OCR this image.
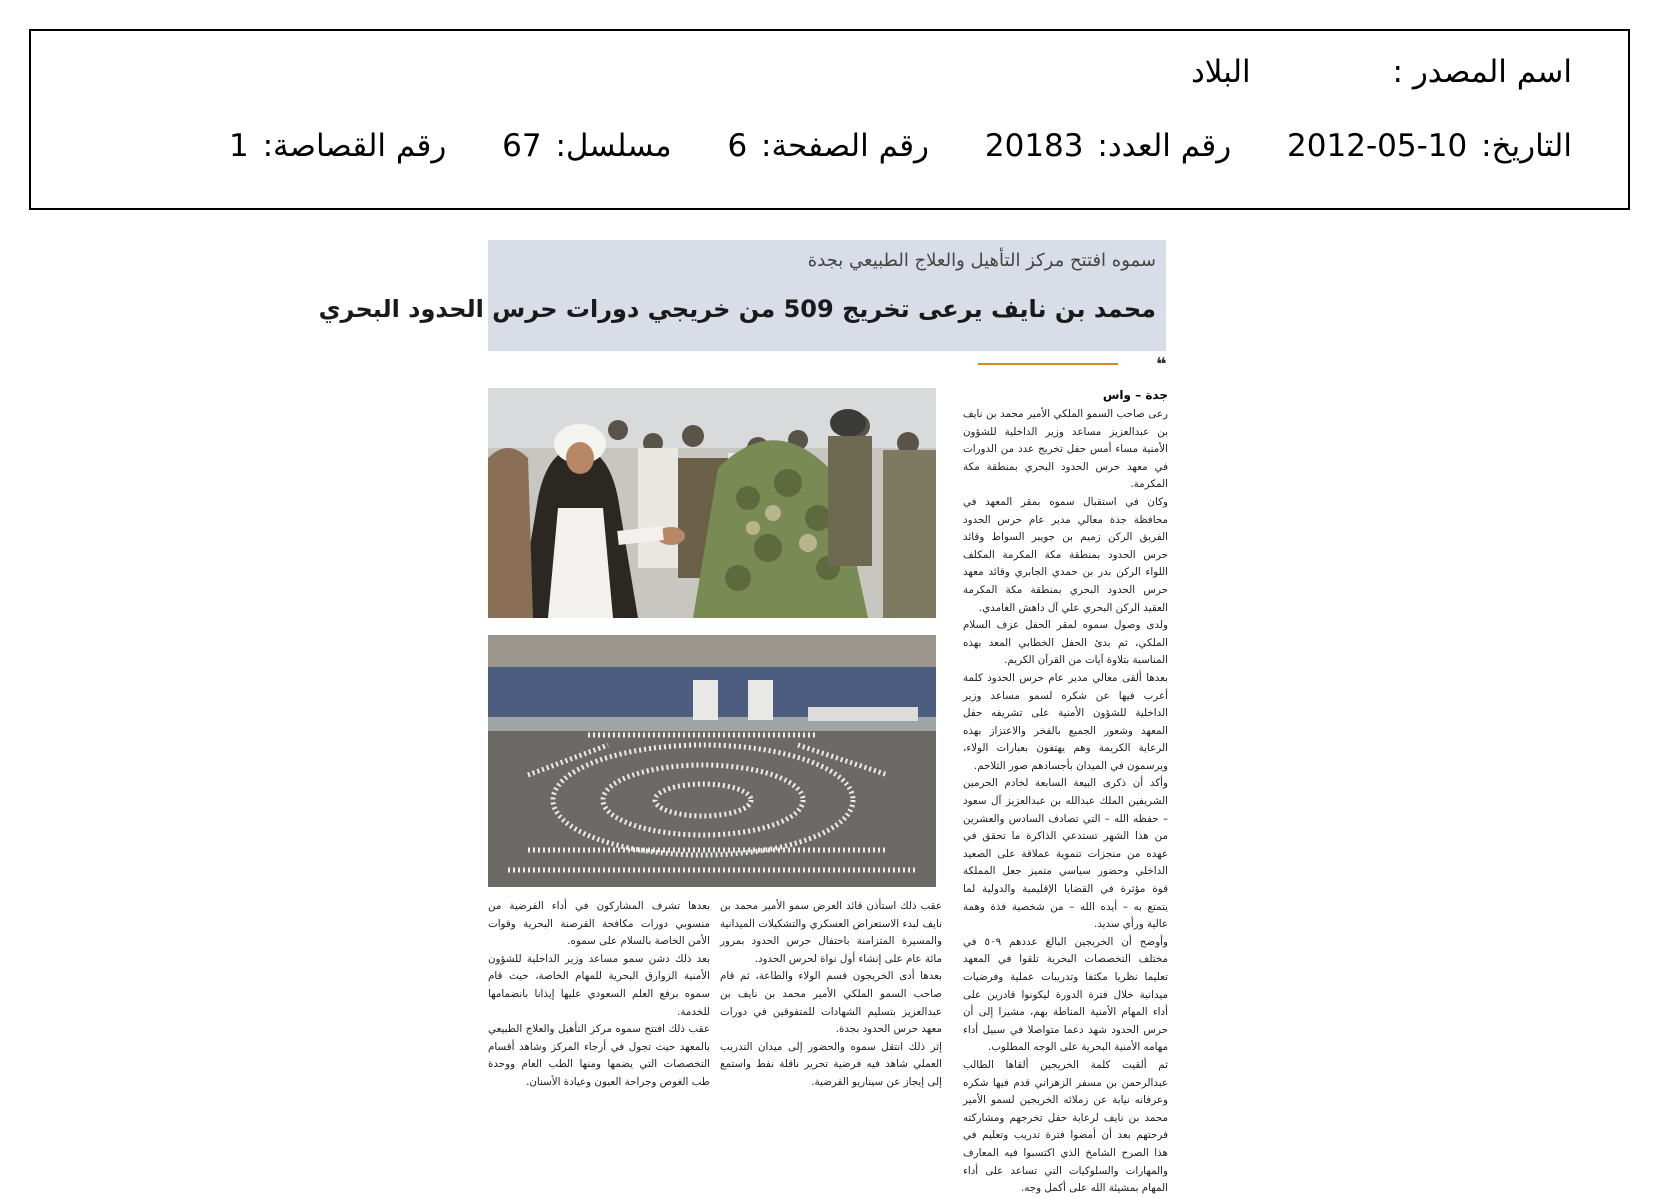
اسم المصدر : البلاد
التاريخ: 2012-05-10 رقم العدد: 20183 رقم الصفحة: 6 مسلسل: 67 رقم القصاصة: 1
سموه افتتح مركز التأهيل والعلاج الطبيعي بجدة
محمد بن نايف يرعى تخريج 509 من خريجي دورات حرس الحدود البحري
❝
جدة – واس

رعى صاحب السمو الملكي الأمير محمد بن نايف بن عبدالعزيز مساعد وزير الداخلية للشؤون الأمنية مساء أمس حفل تخريج عدد من الدورات في معهد حرس الحدود البحري بمنطقة مكة المكرمة.

وكان في استقبال سموه بمقر المعهد في محافظة جدة معالي مدير عام حرس الحدود الفريق الركن زميم بن جويبر السواط وقائد حرس الحدود بمنطقة مكة المكرمة المكلف اللواء الركن بدر بن حمدي الجابري وقائد معهد حرس الحدود البحري بمنطقة مكة المكرمة العقيد الركن البحري علي آل داهش الغامدي.

ولدى وصول سموه لمقر الحفل عزف السلام الملكي، ثم بدئ الحفل الخطابي المعد بهذه المناسبة بتلاوة آيات من القرآن الكريم.

بعدها ألقى معالي مدير عام حرس الحدود كلمة أعرب فيها عن شكره لسمو مساعد وزير الداخلية للشؤون الأمنية على تشريفه حفل المعهد وشعور الجميع بالفخر والاعتزاز بهذه الرعاية الكريمة وهم يهتفون بعبارات الولاء، ويرسمون في الميدان بأجسادهم صور التلاحم.

وأكد أن ذكرى البيعة السابعة لخادم الحرمين الشريفين الملك عبدالله بن عبدالعزيز آل سعود – حفظه الله – التي تصادف السادس والعشرين من هذا الشهر تستدعي الذاكرة ما تحقق في عهده من منجزات تنموية عملاقة على الصعيد الداخلي وحضور سياسي متميز جعل المملكة قوة مؤثرة في القضايا الإقليمية والدولية لما يتمتع به – أيده الله – من شخصية فذة وهمة عالية ورأي سديد.

وأوضح أن الخريجين البالغ عددهم ٥٠٩ في مختلف التخصصات البحرية تلقوا في المعهد تعليما نظريا مكثفا وتدريبات عملية وفرضيات ميدانية خلال فترة الدورة ليكونوا قادرين على أداء المهام الأمنية المناطة بهم، مشيرا إلى أن حرس الحدود شهد دعما متواصلا في سبيل أداء مهامه الأمنية البحرية على الوجه المطلوب.

ثم ألقيت كلمة الخريجين ألقاها الطالب عبدالرحمن بن مسفر الزهراني قدم فيها شكره وعرفانه نيابة عن زملائه الخريجين لسمو الأمير محمد بن نايف لرعاية حفل تخرجهم ومشاركته فرحتهم بعد أن أمضوا فترة تدريب وتعليم في هذا الصرح الشامخ الذي اكتسبوا فيه المعارف والمهارات والسلوكيات التي تساعد على أداء المهام بمشيئة الله على أكمل وجه.

عقب ذلك استأذن قائد العرض سمو الأمير محمد بن نايف لبدء الاستعراض العسكري والتشكيلات الميدانية والمسيرة المتزامنة باحتفال حرس الحدود بمرور مائة عام على إنشاء أول نواة لحرس الحدود.

بعدها أدى الخريجون قسم الولاء والطاعة، ثم قام صاحب السمو الملكي الأمير محمد بن نايف بن عبدالعزيز بتسليم الشهادات للمتفوقين في دورات معهد حرس الحدود بجدة.

إثر ذلك انتقل سموه والحضور إلى ميدان التدريب العملي شاهد فيه فرضية تحرير ناقلة نفط واستمع إلى إيجاز عن سيناريو الفرضية.

بعدها تشرف المشاركون في أداء الفرضية من منسوبي دورات مكافحة القرصنة البحرية وقوات الأمن الخاصة بالسلام على سموه.

بعد ذلك دشن سمو مساعد وزير الداخلية للشؤون الأمنية الزوارق البحرية للمهام الخاصة، حيث قام سموه برفع العلم السعودي عليها إيذانا بانضمامها للخدمة.

عقب ذلك افتتح سموه مركز التأهيل والعلاج الطبيعي بالمعهد حيث تجول في أرجاء المركز وشاهد أقسام التخصصات التي يضمها ومنها الطب العام ووحدة طب الغوص وجراحة العيون وعيادة الأسنان.
